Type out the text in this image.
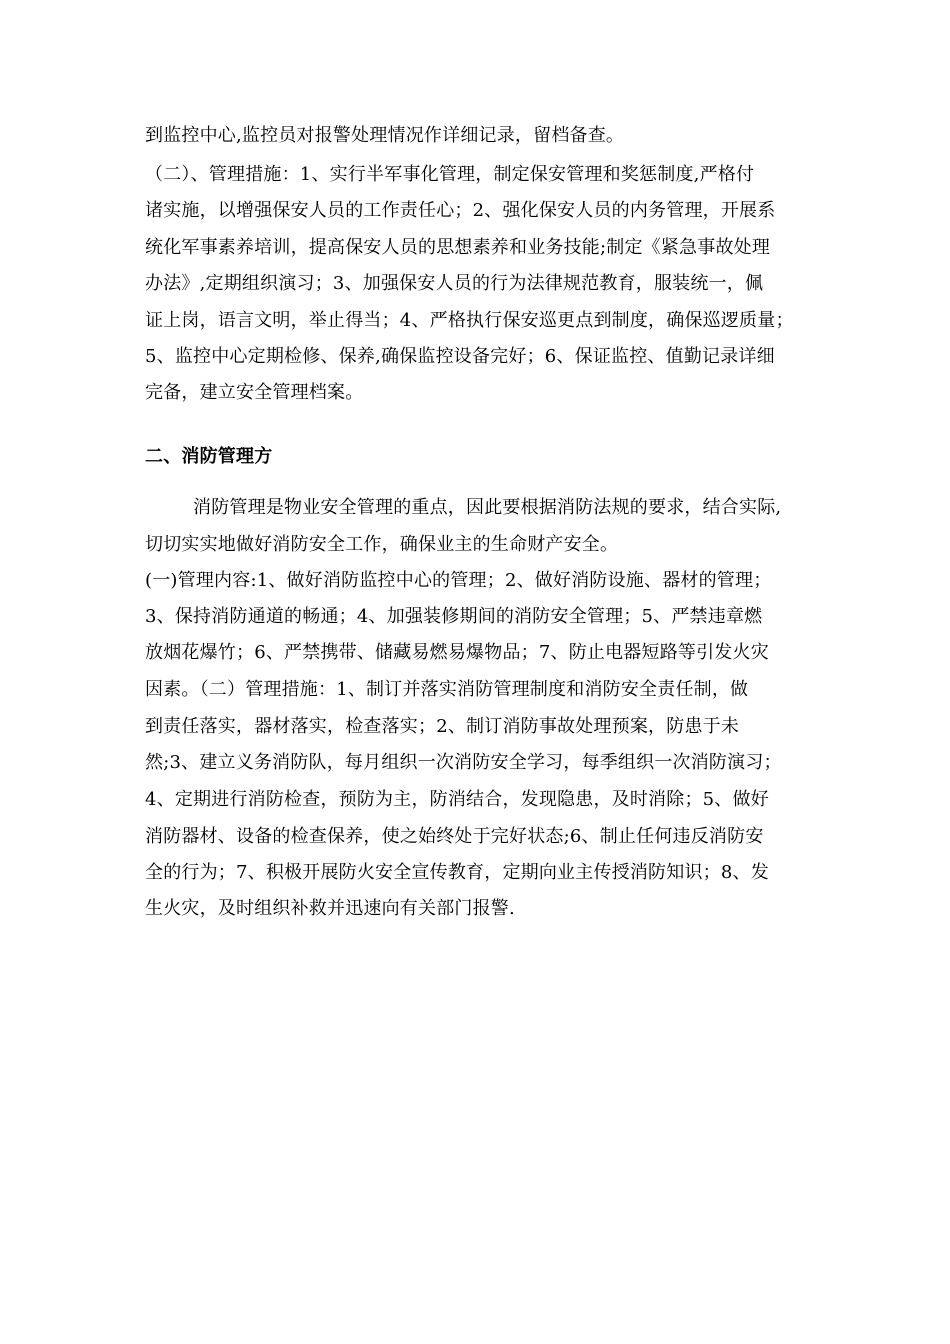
到监控中心,监控员对报警处理情况作详细记录，留档备查。
（二）、管理措施：1、实行半军事化管理，制定保安管理和奖惩制度,严格付
诸实施，以增强保安人员的工作责任心；2、强化保安人员的内务管理，开展系
统化军事素养培训，提高保安人员的思想素养和业务技能;制定《紧急事故处理
办法》,定期组织演习；3、加强保安人员的行为法律规范教育，服装统一，佩
证上岗，语言文明，举止得当；4、严格执行保安巡更点到制度，确保巡逻质量；
5、监控中心定期检修、保养,确保监控设备完好；6、保证监控、值勤记录详细
完备，建立安全管理档案。
二、消防管理方
消防管理是物业安全管理的重点，因此要根据消防法规的要求，结合实际,
切切实实地做好消防安全工作，确保业主的生命财产安全。
(一)管理内容:1、做好消防监控中心的管理；2、做好消防设施、器材的管理；
3、保持消防通道的畅通；4、加强装修期间的消防安全管理；5、严禁违章燃
放烟花爆竹；6、严禁携带、储藏易燃易爆物品；7、防止电器短路等引发火灾
因素。（二）管理措施：1、制订并落实消防管理制度和消防安全责任制，做
到责任落实，器材落实，检查落实；2、制订消防事故处理预案，防患于未
然;3、建立义务消防队，每月组织一次消防安全学习，每季组织一次消防演习；
4、定期进行消防检查，预防为主，防消结合，发现隐患，及时消除；5、做好
消防器材、设备的检查保养，使之始终处于完好状态;6、制止任何违反消防安
全的行为；7、积极开展防火安全宣传教育，定期向业主传授消防知识；8、发
生火灾，及时组织补救并迅速向有关部门报警.
